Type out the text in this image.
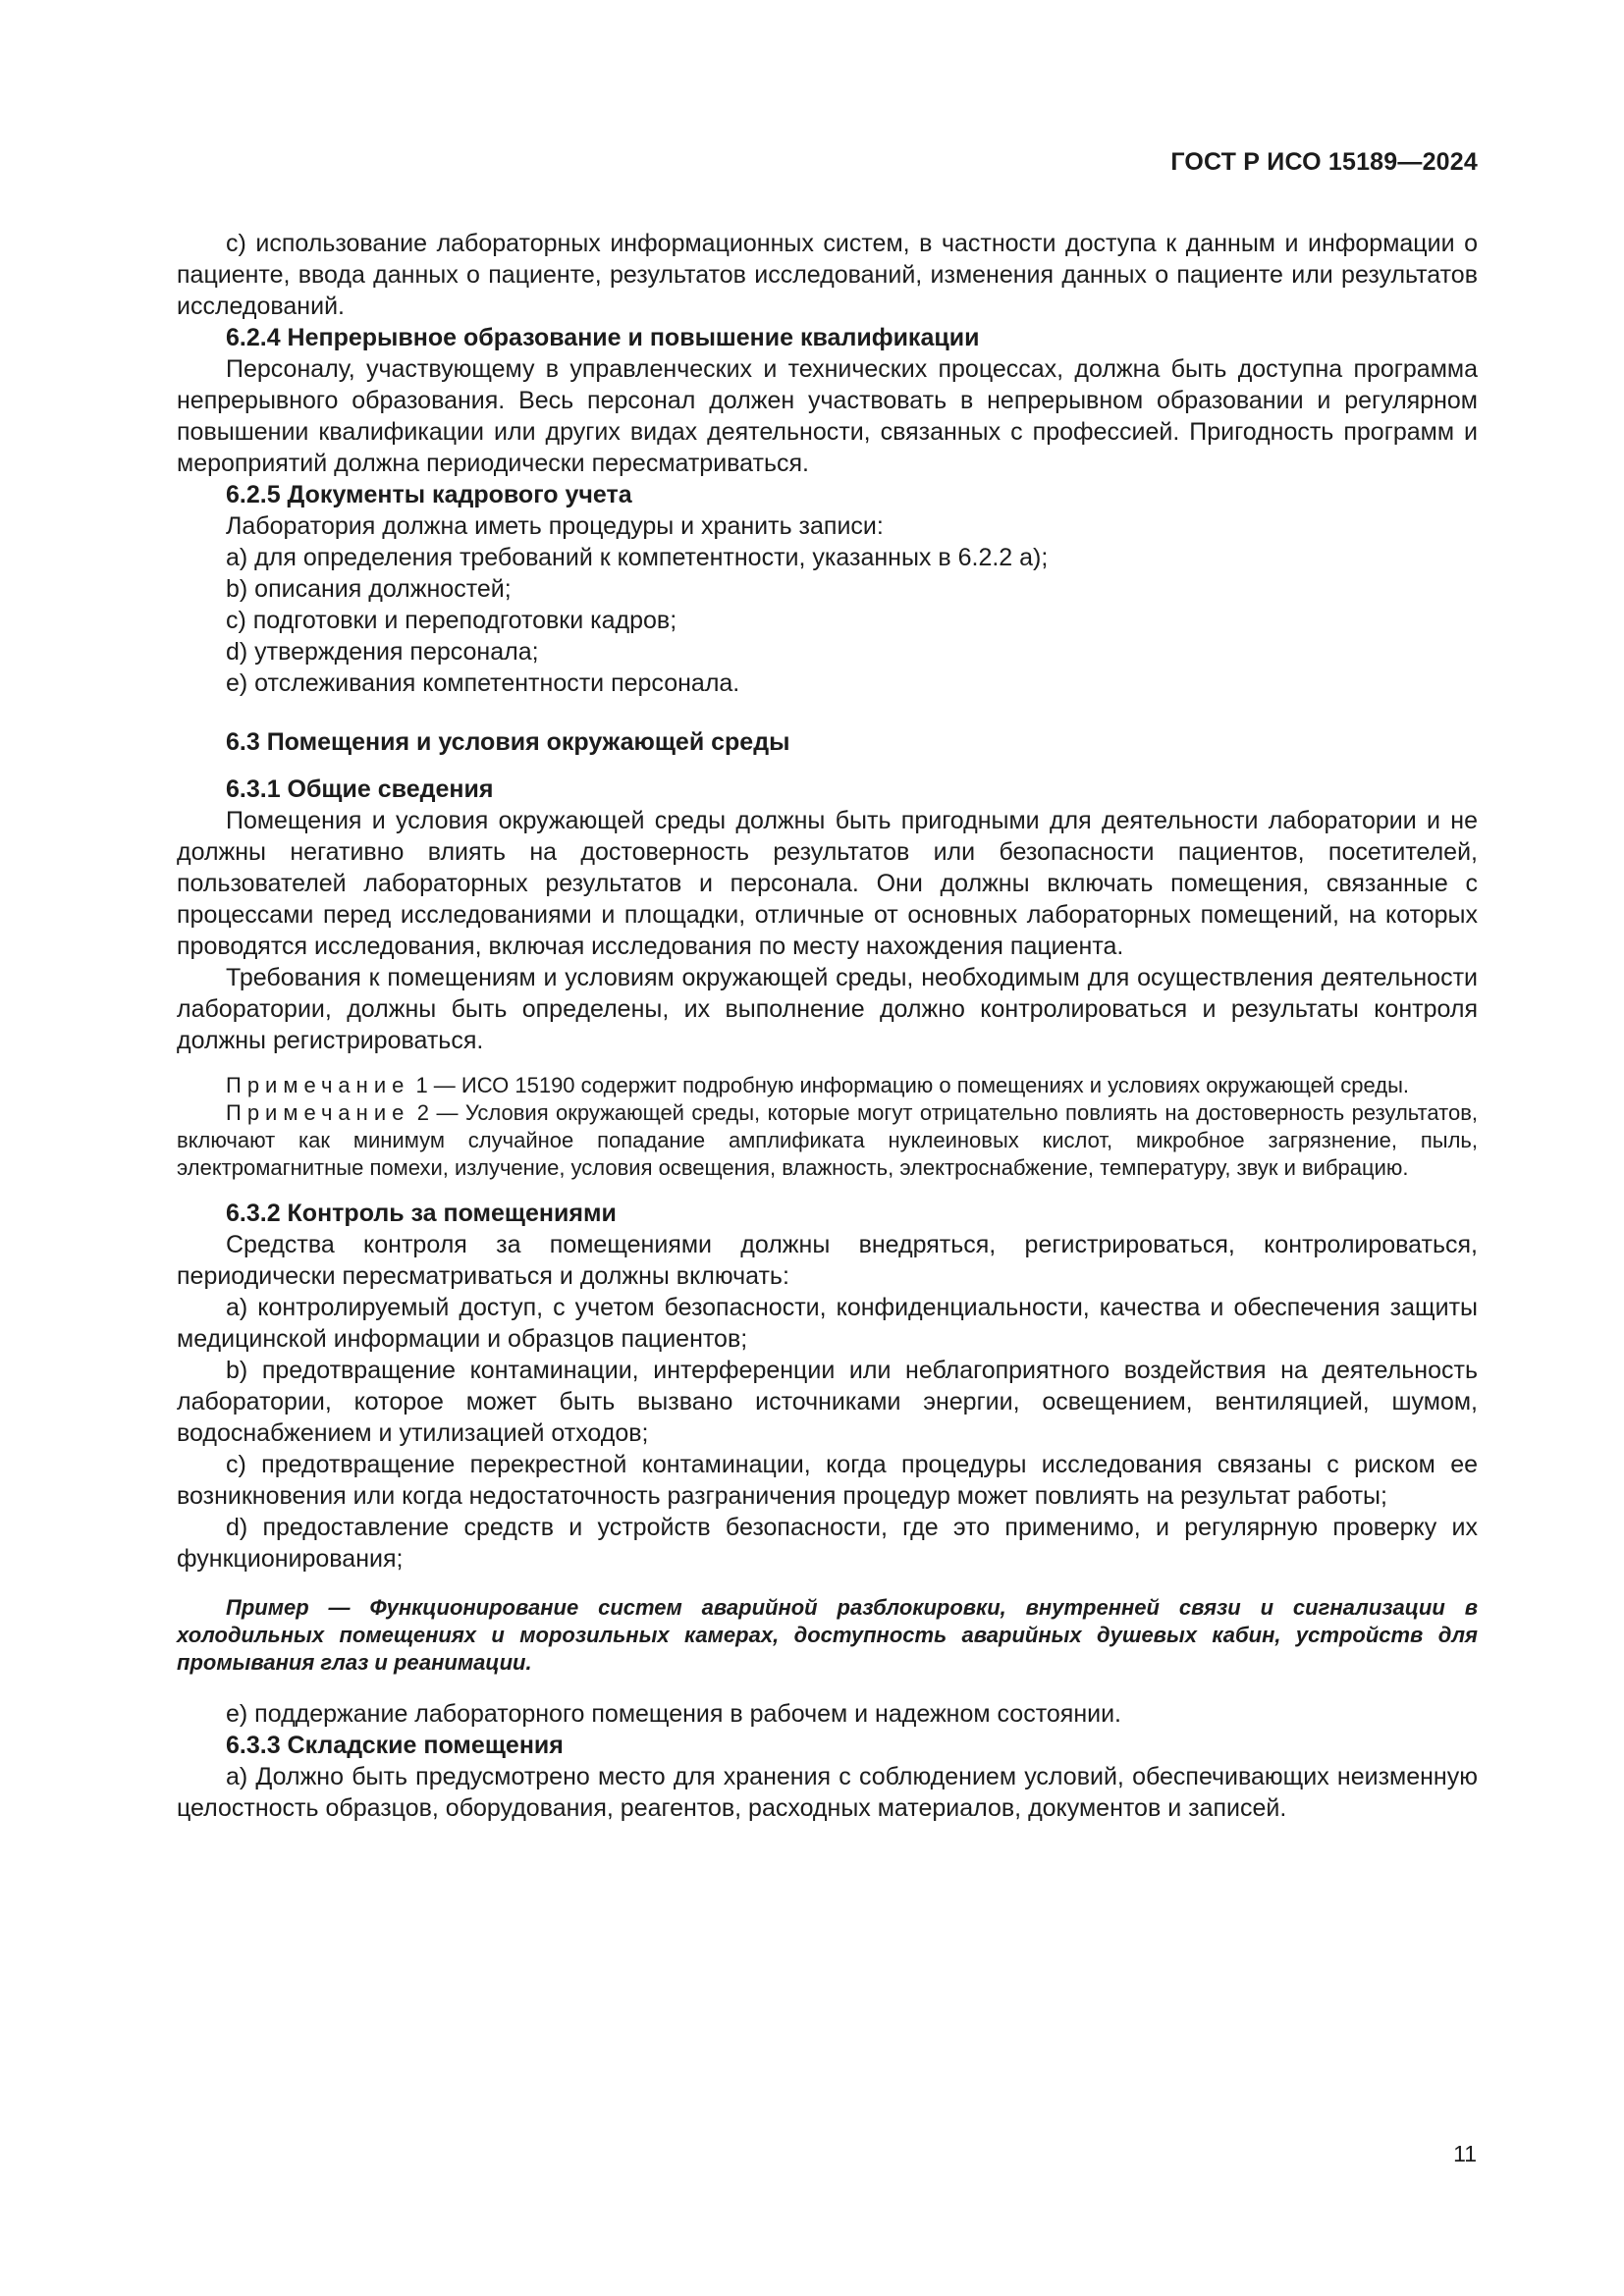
ГОСТ Р ИСО 15189—2024

c) использование лабораторных информационных систем, в частности доступа к данным и информации о пациенте, ввода данных о пациенте, результатов исследований, изменения данных о пациенте или результатов исследований.

6.2.4 Непрерывное образование и повышение квалификации

Персоналу, участвующему в управленческих и технических процессах, должна быть доступна программа непрерывного образования. Весь персонал должен участвовать в непрерывном образовании и регулярном повышении квалификации или других видах деятельности, связанных с профессией. Пригодность программ и мероприятий должна периодически пересматриваться.

6.2.5 Документы кадрового учета

Лаборатория должна иметь процедуры и хранить записи:

a) для определения требований к компетентности, указанных в 6.2.2 a);

b) описания должностей;

c) подготовки и переподготовки кадров;

d) утверждения персонала;

e) отслеживания компетентности персонала.

6.3 Помещения и условия окружающей среды

6.3.1 Общие сведения

Помещения и условия окружающей среды должны быть пригодными для деятельности лаборатории и не должны негативно влиять на достоверность результатов или безопасности пациентов, посетителей, пользователей лабораторных результатов и персонала. Они должны включать помещения, связанные с процессами перед исследованиями и площадки, отличные от основных лабораторных помещений, на которых проводятся исследования, включая исследования по месту нахождения пациента.

Требования к помещениям и условиям окружающей среды, необходимым для осуществления деятельности лаборатории, должны быть определены, их выполнение должно контролироваться и результаты контроля должны регистрироваться.

Примечание 1 — ИСО 15190 содержит подробную информацию о помещениях и условиях окружающей среды.

Примечание 2 — Условия окружающей среды, которые могут отрицательно повлиять на достоверность результатов, включают как минимум случайное попадание амплификата нуклеиновых кислот, микробное загрязнение, пыль, электромагнитные помехи, излучение, условия освещения, влажность, электроснабжение, температуру, звук и вибрацию.

6.3.2 Контроль за помещениями

Средства контроля за помещениями должны внедряться, регистрироваться, контролироваться, периодически пересматриваться и должны включать:

a) контролируемый доступ, с учетом безопасности, конфиденциальности, качества и обеспечения защиты медицинской информации и образцов пациентов;

b) предотвращение контаминации, интерференции или неблагоприятного воздействия на деятельность лаборатории, которое может быть вызвано источниками энергии, освещением, вентиляцией, шумом, водоснабжением и утилизацией отходов;

c) предотвращение перекрестной контаминации, когда процедуры исследования связаны с риском ее возникновения или когда недостаточность разграничения процедур может повлиять на результат работы;

d) предоставление средств и устройств безопасности, где это применимо, и регулярную проверку их функционирования;

Пример — Функционирование систем аварийной разблокировки, внутренней связи и сигнализации в холодильных помещениях и морозильных камерах, доступность аварийных душевых кабин, устройств для промывания глаз и реанимации.

e) поддержание лабораторного помещения в рабочем и надежном состоянии.

6.3.3 Складские помещения

a) Должно быть предусмотрено место для хранения с соблюдением условий, обеспечивающих неизменную целостность образцов, оборудования, реагентов, расходных материалов, документов и записей.

11
